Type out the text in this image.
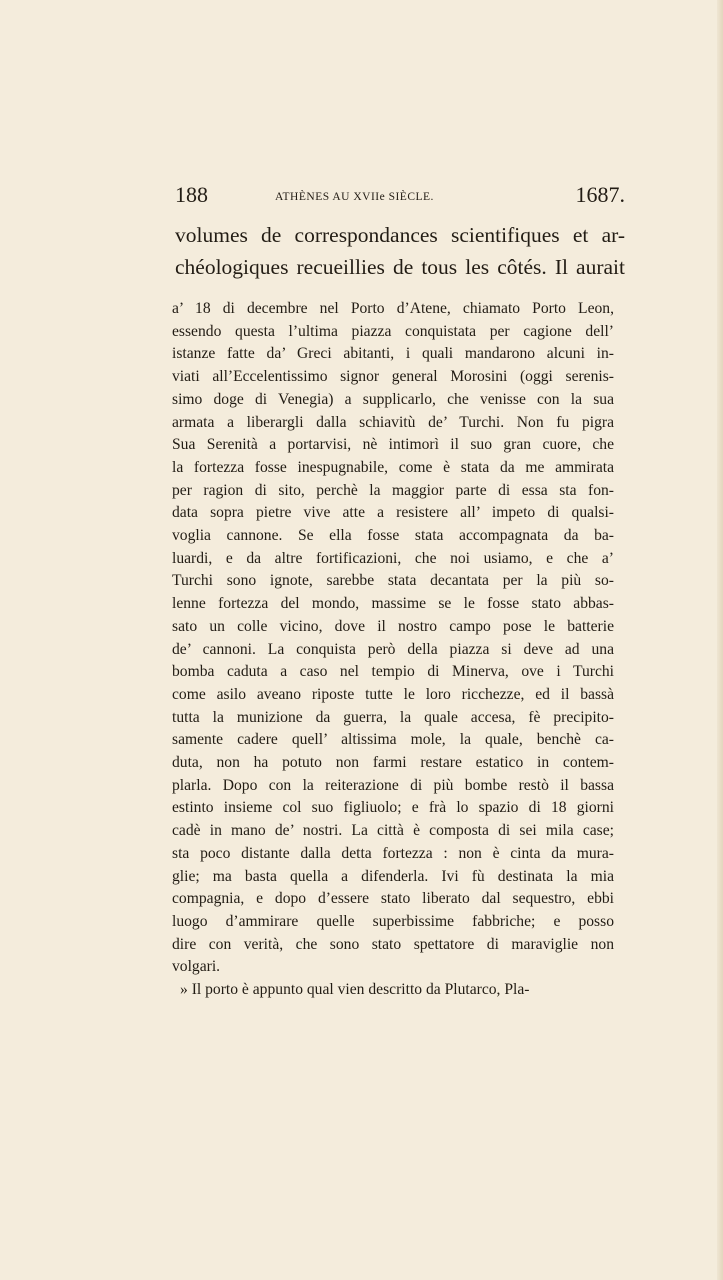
188	ATHÈNES AU XVIIe SIÈCLE.	1687.
volumes de correspondances scientifiques et ar-
chéologiques recueillies de tous les côtés. Il aurait
a’ 18 di decembre nel Porto d’Atene, chiamato Porto Leon,
essendo questa l’ultima piazza conquistata per cagione dell’
istanze fatte da’ Greci abitanti, i quali mandarono alcuni in-
viati all’Eccelentissimo signor general Morosini (oggi serenis-
simo doge di Venegia) a supplicarlo, che venisse con la sua
armata a liberargli dalla schiavitù de’ Turchi. Non fu pigra
Sua Serenità a portarvisi, nè intimorì il suo gran cuore, che
la fortezza fosse inespugnabile, come è stata da me ammirata
per ragion di sito, perchè la maggior parte di essa sta fon-
data sopra pietre vive atte a resistere all’ impeto di qualsi-
voglia cannone. Se ella fosse stata accompagnata da ba-
luardi, e da altre fortificazioni, che noi usiamo, e che a’
Turchi sono ignote, sarebbe stata decantata per la più so-
lenne fortezza del mondo, massime se le fosse stato abbas-
sato un colle vicino, dove il nostro campo pose le batterie
de’ cannoni. La conquista però della piazza si deve ad una
bomba caduta a caso nel tempio di Minerva, ove i Turchi
come asilo aveano riposte tutte le loro ricchezze, ed il bassà
tutta la munizione da guerra, la quale accesa, fè precipito-
samente cadere quell’ altissima mole, la quale, benchè ca-
duta, non ha potuto non farmi restare estatico in contem-
plarla. Dopo con la reiterazione di più bombe restò il bassa
estinto insieme col suo figliuolo; e frà lo spazio di 18 giorni
cadè in mano de’ nostri. La città è composta di sei mila case;
sta poco distante dalla detta fortezza : non è cinta da mura-
glie; ma basta quella a difenderla. Ivi fù destinata la mia
compagnia, e dopo d’essere stato liberato dal sequestro, ebbi
luogo d’ammirare quelle superbissime fabbriche; e posso
dire con verità, che sono stato spettatore di maraviglie non
volgari.
» Il porto è appunto qual vien descritto da Plutarco, Pla-
